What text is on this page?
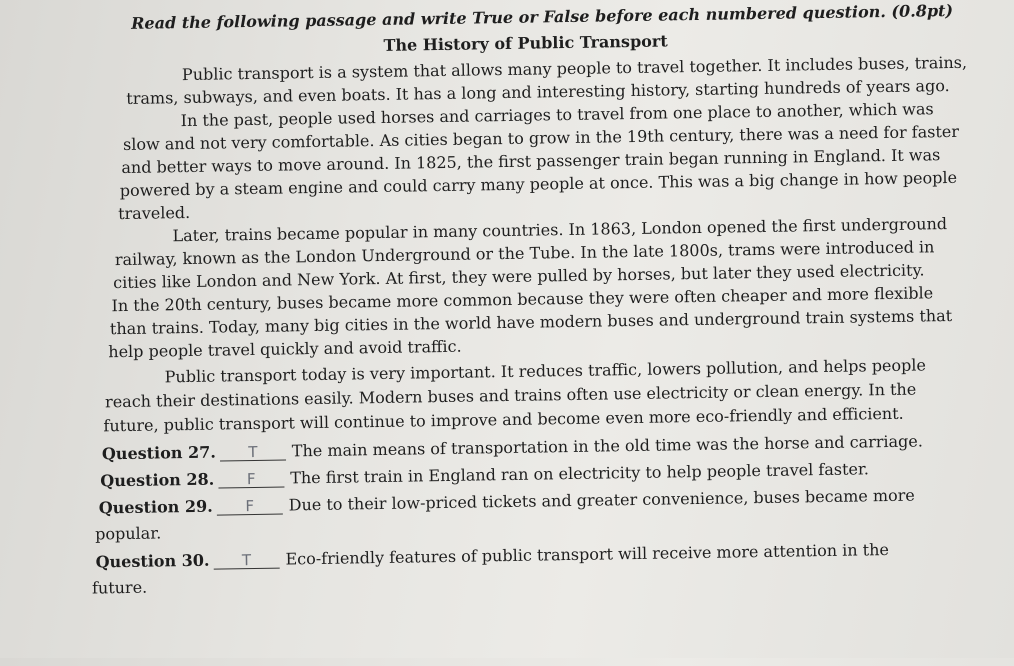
Read the following passage and write True or False before each numbered question. (0.8pt)
The History of Public Transport
Public transport is a system that allows many people to travel together. It includes buses, trains,
trams, subways, and even boats. It has a long and interesting history, starting hundreds of years ago.
In the past, people used horses and carriages to travel from one place to another, which was
slow and not very comfortable. As cities began to grow in the 19th century, there was a need for faster
and better ways to move around. In 1825, the first passenger train began running in England. It was
powered by a steam engine and could carry many people at once. This was a big change in how people
traveled.
Later, trains became popular in many countries. In 1863, London opened the first underground
railway, known as the London Underground or the Tube. In the late 1800s, trams were introduced in
cities like London and New York. At first, they were pulled by horses, but later they used electricity.
In the 20th century, buses became more common because they were often cheaper and more flexible
than trains. Today, many big cities in the world have modern buses and underground train systems that
help people travel quickly and avoid traffic.
Public transport today is very important. It reduces traffic, lowers pollution, and helps people
reach their destinations easily. Modern buses and trains often use electricity or clean energy. In the
future, public transport will continue to improve and become even more eco-friendly and efficient.
Question 27. T The main means of transportation in the old time was the horse and carriage.
Question 28. F The first train in England ran on electricity to help people travel faster.
Question 29. F Due to their low-priced tickets and greater convenience, buses became more
popular.
Question 30. T Eco-friendly features of public transport will receive more attention in the
future.
